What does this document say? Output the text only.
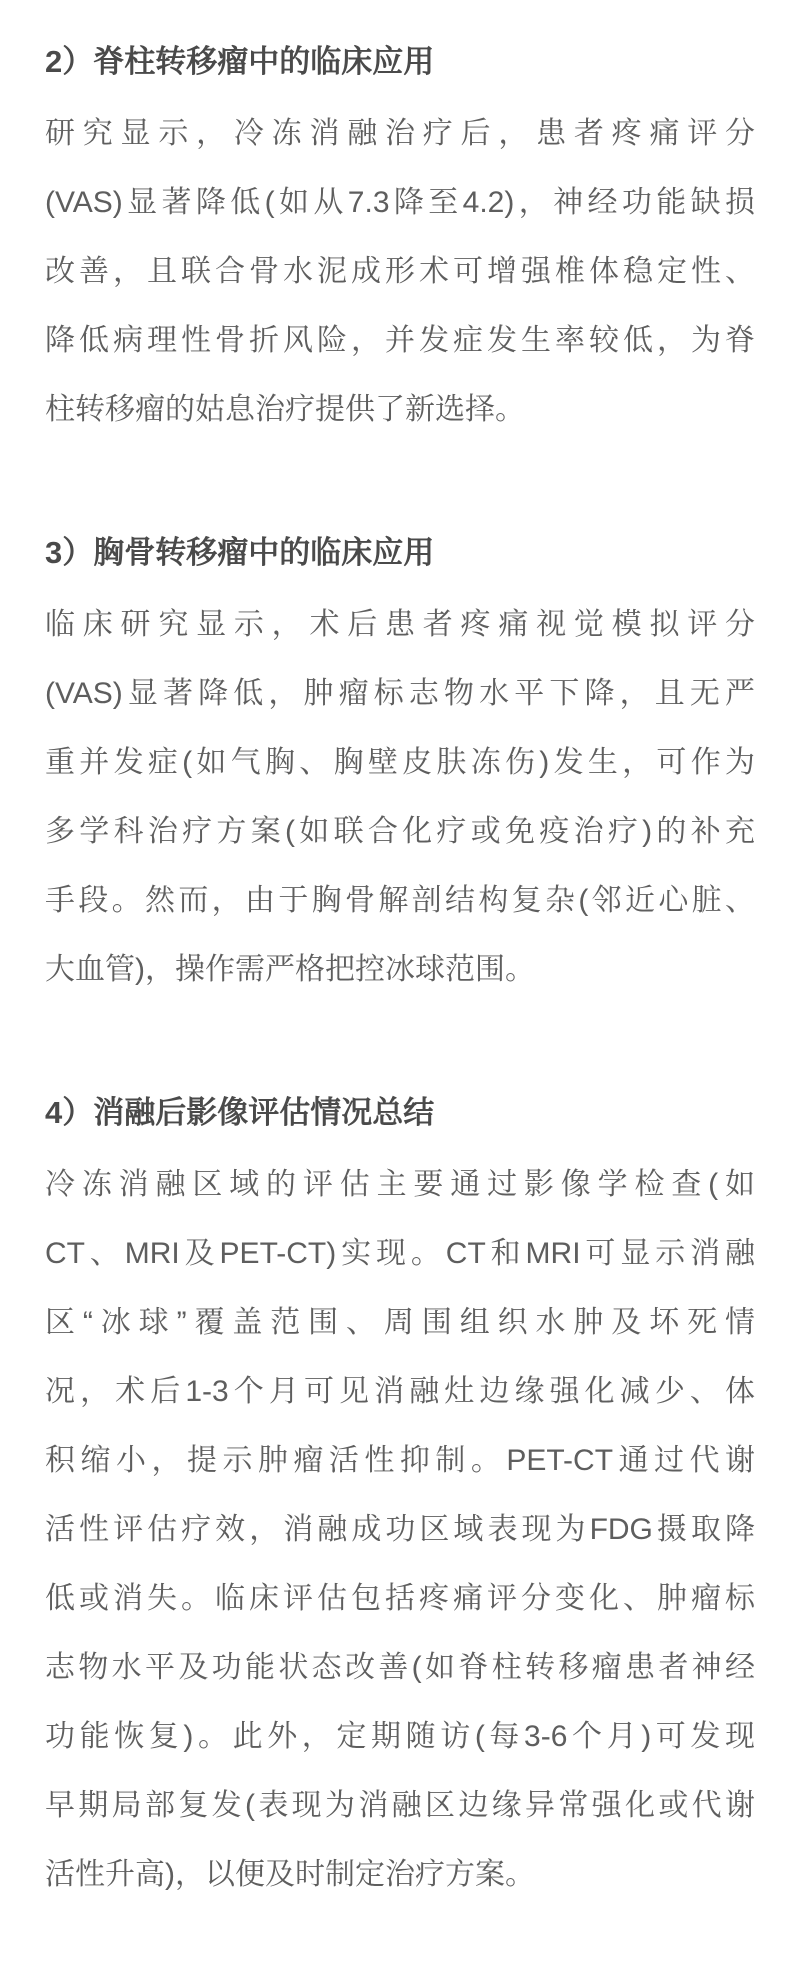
2）脊柱转移瘤中的临床应用
研究显示，冷冻消融治疗后，患者疼痛评分
(VAS)显著降低(如从7.3降至4.2)，神经功能缺损
改善，且联合骨水泥成形术可增强椎体稳定性、
降低病理性骨折风险，并发症发生率较低，为脊
柱转移瘤的姑息治疗提供了新选择。
3）胸骨转移瘤中的临床应用
临床研究显示，术后患者疼痛视觉模拟评分
(VAS)显著降低，肿瘤标志物水平下降，且无严
重并发症(如气胸、胸壁皮肤冻伤)发生，可作为
多学科治疗方案(如联合化疗或免疫治疗)的补充
手段。然而，由于胸骨解剖结构复杂(邻近心脏、
大血管)，操作需严格把控冰球范围。
4）消融后影像评估情况总结
冷冻消融区域的评估主要通过影像学检查(如
CT、MRI及PET-CT)实现。CT和MRI可显示消融
区“冰球”覆盖范围、周围组织水肿及坏死情
况，术后1-3个月可见消融灶边缘强化减少、体
积缩小，提示肿瘤活性抑制。PET-CT通过代谢
活性评估疗效，消融成功区域表现为FDG摄取降
低或消失。临床评估包括疼痛评分变化、肿瘤标
志物水平及功能状态改善(如脊柱转移瘤患者神经
功能恢复)。此外，定期随访(每3-6个月)可发现
早期局部复发(表现为消融区边缘异常强化或代谢
活性升高)，以便及时制定治疗方案。
